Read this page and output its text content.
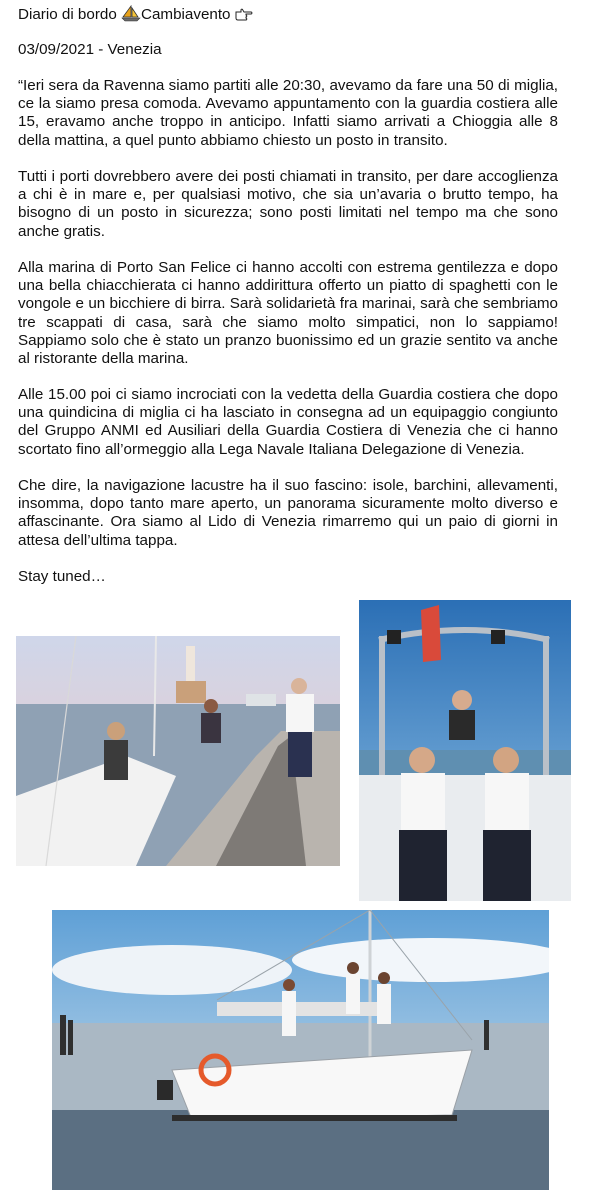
Diario di bordo Cambiavento
03/09/2021 - Venezia

“Ieri sera da Ravenna siamo partiti alle 20:30, avevamo da fare una 50 di miglia, ce la siamo presa comoda. Avevamo appuntamento con la guardia costiera alle 15, eravamo anche troppo in anticipo. Infatti siamo arrivati a Chioggia alle 8 della mattina, a quel punto abbiamo chiesto un posto in transito.

Tutti i porti dovrebbero avere dei posti chiamati in transito, per dare accoglienza a chi è in mare e, per qualsiasi motivo, che sia un’avaria o brutto tempo, ha bisogno di un posto in sicurezza; sono posti limitati nel tempo ma che sono anche gratis.

Alla marina di Porto San Felice ci hanno accolti con estrema gentilezza e dopo una bella chiacchierata ci hanno addirittura offerto un piatto di spaghetti con le vongole e un bicchiere di birra. Sarà solidarietà fra marinai, sarà che sembriamo tre scappati di casa, sarà che siamo molto simpatici, non lo sappiamo! Sappiamo solo che è stato un pranzo buonissimo ed un grazie sentito va anche al ristorante della marina.

Alle 15.00 poi ci siamo incrociati con la vedetta della Guardia costiera che dopo una quindicina di miglia ci ha lasciato in consegna ad un equipaggio congiunto del Gruppo ANMI ed Ausiliari della Guardia Costiera di Venezia che ci hanno scortato fino all’ormeggio alla Lega Navale Italiana Delegazione di Venezia.

Che dire, la navigazione lacustre ha il suo fascino: isole, barchini, allevamenti, insomma, dopo tanto mare aperto, un panorama sicuramente molto diverso e affascinante. Ora siamo al Lido di Venezia rimarremo qui un paio di giorni in attesa dell’ultima tappa.

Stay tuned…
